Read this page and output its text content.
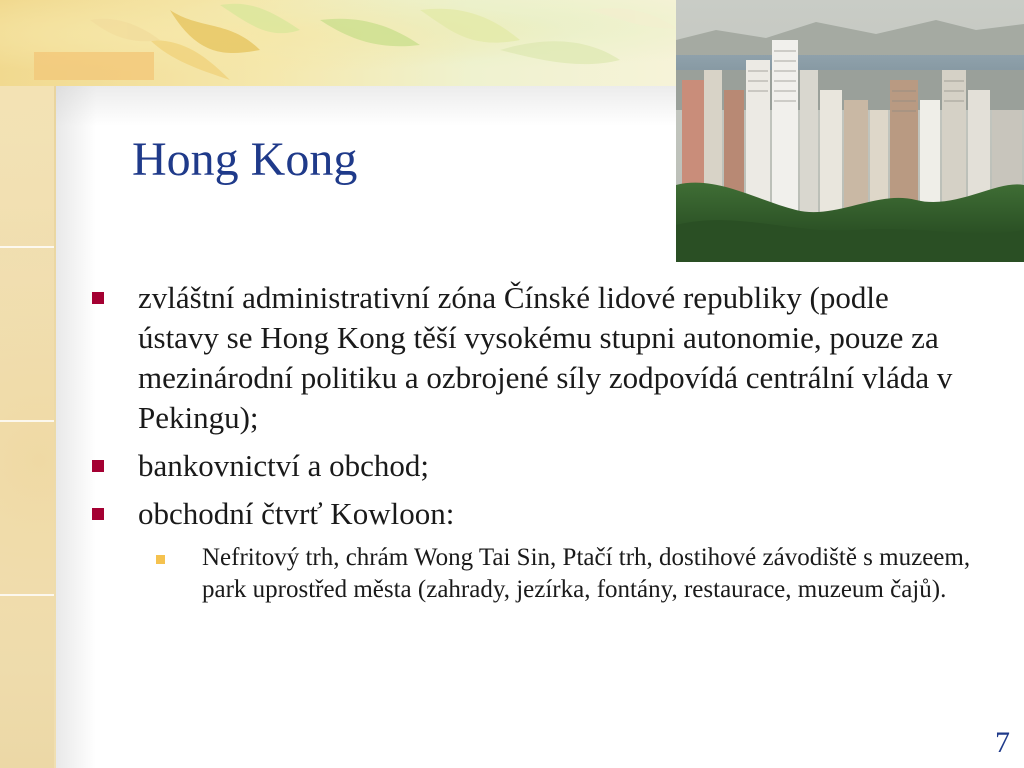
Hong Kong
zvláštní administrativní zóna Čínské lidové republiky (podle ústavy se Hong Kong těší vysokému stupni autonomie, pouze za mezinárodní politiku a ozbrojené síly zodpovídá centrální vláda v Pekingu);
bankovnictví a obchod;
obchodní čtvrť Kowloon:
Nefritový trh, chrám Wong Tai Sin, Ptačí trh, dostihové závodiště s muzeem, park uprostřed města (zahrady, jezírka, fontány, restaurace, muzeum čajů).
7
